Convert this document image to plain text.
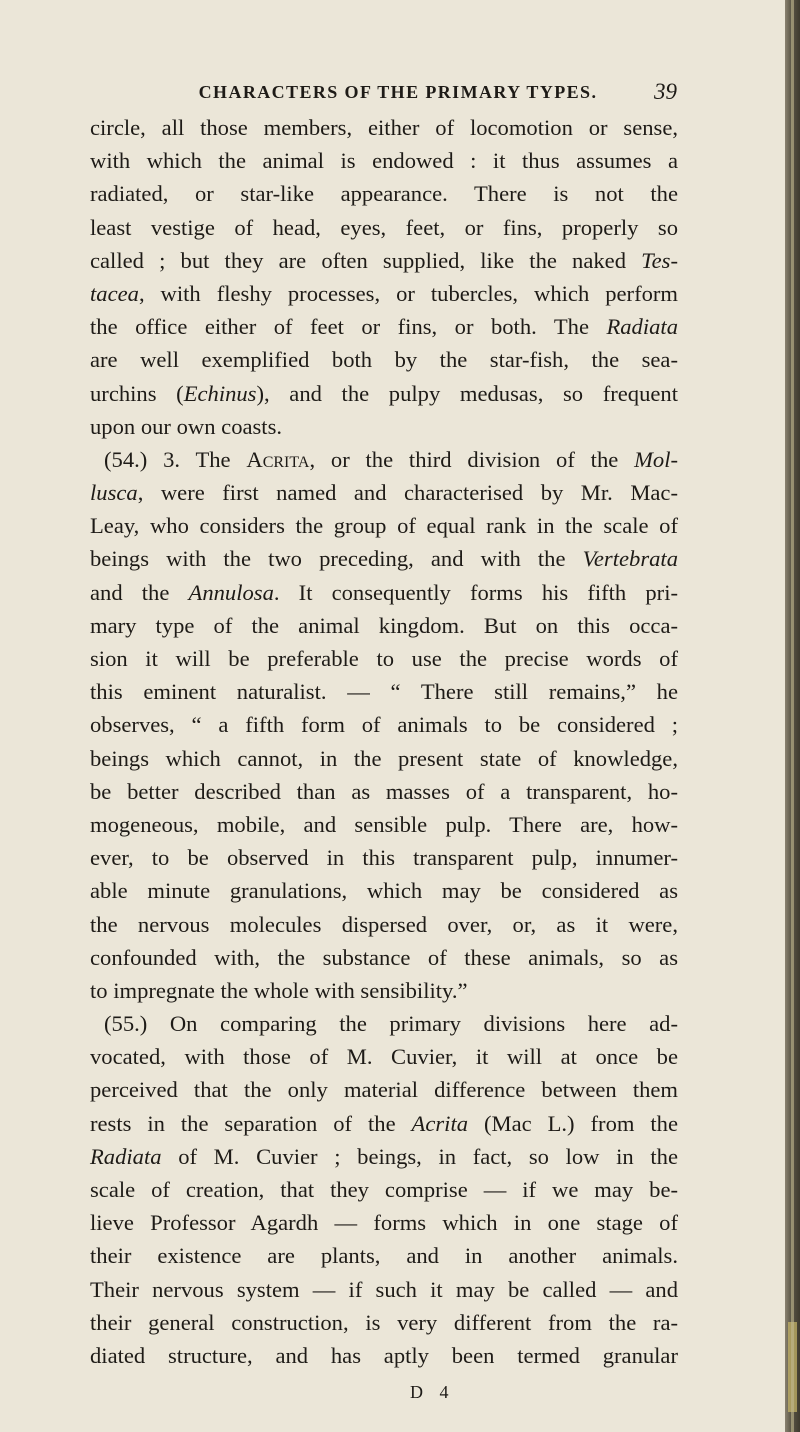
CHARACTERS OF THE PRIMARY TYPES.	39
circle, all those members, either of locomotion or sense,
with which the animal is endowed : it thus assumes a
radiated, or star-like appearance. There is not the
least vestige of head, eyes, feet, or fins, properly so
called ; but they are often supplied, like the naked Tes-
tacea, with fleshy processes, or tubercles, which perform
the office either of feet or fins, or both. The Radiata
are well exemplified both by the star-fish, the sea-
urchins (Echinus), and the pulpy medusas, so frequent
upon our own coasts.
(54.) 3. The Acrita, or the third division of the Mol-
lusca, were first named and characterised by Mr. Mac-
Leay, who considers the group of equal rank in the scale of
beings with the two preceding, and with the Vertebrata
and the Annulosa. It consequently forms his fifth pri-
mary type of the animal kingdom. But on this occa-
sion it will be preferable to use the precise words of
this eminent naturalist. — “ There still remains,” he
observes, “ a fifth form of animals to be considered ;
beings which cannot, in the present state of knowledge,
be better described than as masses of a transparent, ho-
mogeneous, mobile, and sensible pulp. There are, how-
ever, to be observed in this transparent pulp, innumer-
able minute granulations, which may be considered as
the nervous molecules dispersed over, or, as it were,
confounded with, the substance of these animals, so as
to impregnate the whole with sensibility.”
(55.) On comparing the primary divisions here ad-
vocated, with those of M. Cuvier, it will at once be
perceived that the only material difference between them
rests in the separation of the Acrita (Mac L.) from the
Radiata of M. Cuvier ; beings, in fact, so low in the
scale of creation, that they comprise — if we may be-
lieve Professor Agardh — forms which in one stage of
their existence are plants, and in another animals.
Their nervous system — if such it may be called — and
their general construction, is very different from the ra-
diated structure, and has aptly been termed granular
D 4
